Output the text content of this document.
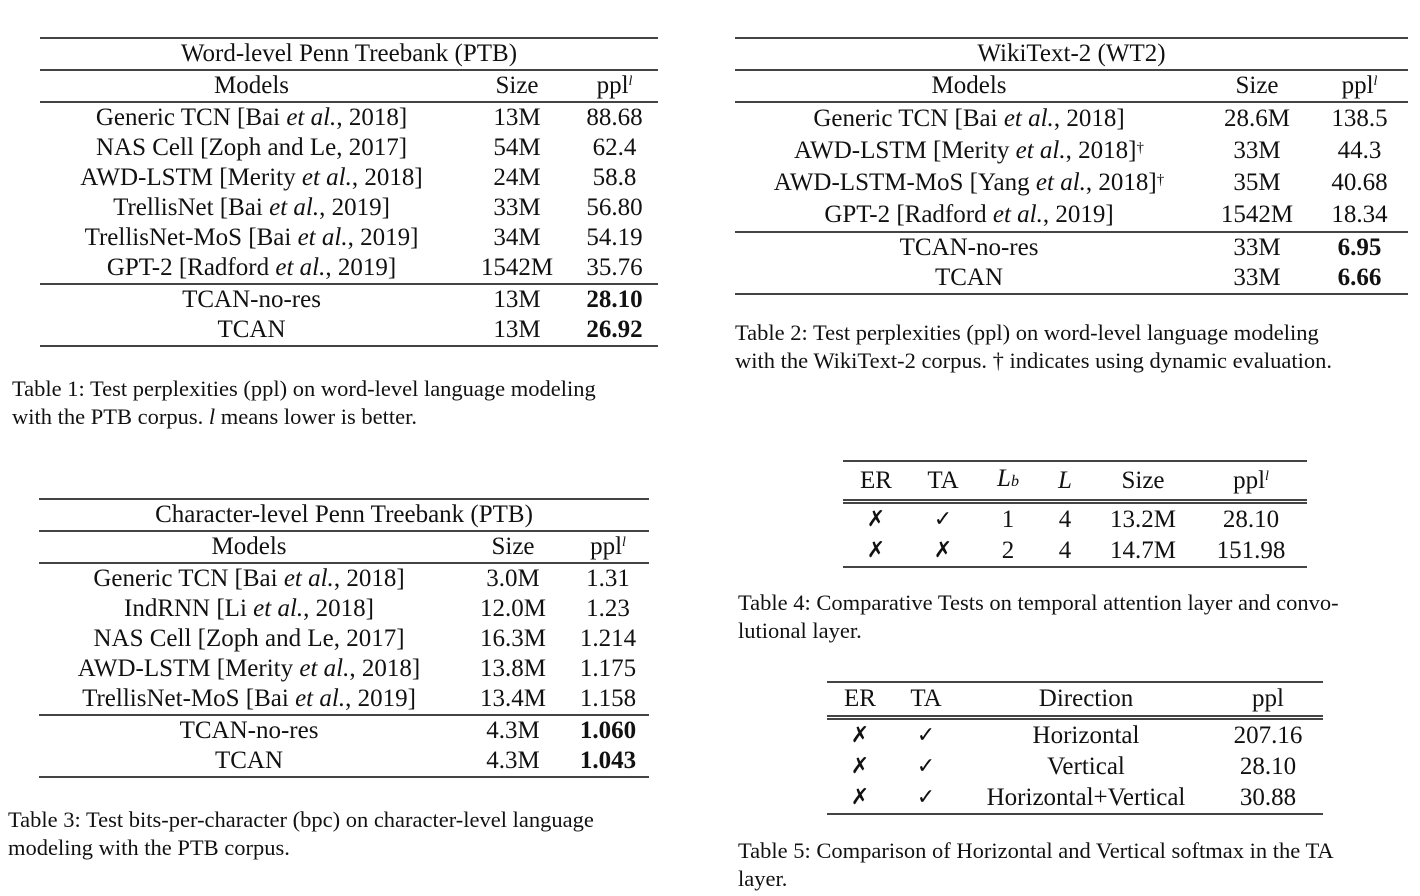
Word-level Penn Treebank (PTB)		
Models	Size	ppl$^l$
Generic TCN [Bai et al., 2018]	13M	88.68
NAS Cell [Zoph and Le, 2017]	54M	62.4
AWD-LSTM [Merity et al., 2018]	24M	58.8
TrellisNet [Bai et al., 2019]	33M	56.80
TrellisNet-MoS [Bai et al., 2019]	34M	54.19
GPT-2 [Radford et al., 2019]	1542M	35.76
TCAN-no-res	13M	28.10
TCAN	13M	26.92
Table 1: Test perplexities (ppl) on word-level language modeling
with the PTB corpus. l means lower is better.
WikiText-2 (WT2)		
Models	Size	ppl$^l$
Generic TCN [Bai et al., 2018]	28.6M	138.5
AWD-LSTM [Merity et al., 2018]†	33M	44.3
AWD-LSTM-MoS [Yang et al., 2018]†	35M	40.68
GPT-2 [Radford et al., 2019]	1542M	18.34
TCAN-no-res	33M	6.95
TCAN	33M	6.66
Table 2: Test perplexities (ppl) on word-level language modeling
with the WikiText-2 corpus. † indicates using dynamic evaluation.
Character-level Penn Treebank (PTB)		
Models	Size	ppl$^l$
Generic TCN [Bai et al., 2018]	3.0M	1.31
IndRNN [Li et al., 2018]	12.0M	1.23
NAS Cell [Zoph and Le, 2017]	16.3M	1.214
AWD-LSTM [Merity et al., 2018]	13.8M	1.175
TrellisNet-MoS [Bai et al., 2019]	13.4M	1.158
TCAN-no-res	4.3M	1.060
TCAN	4.3M	1.043
Table 3: Test bits-per-character (bpc) on character-level language
modeling with the PTB corpus.
ER	TA	Lb	L	Size	ppl$^l$
✗	✓	1	4	13.2M	28.10
✗	✗	2	4	14.7M	151.98
Table 4: Comparative Tests on temporal attention layer and convo-
lutional layer.
ER	TA	Direction	ppl
✗	✓	Horizontal	207.16
✗	✓	Vertical	28.10
✗	✓	Horizontal+Vertical	30.88
Table 5: Comparison of Horizontal and Vertical softmax in the TA
layer.
